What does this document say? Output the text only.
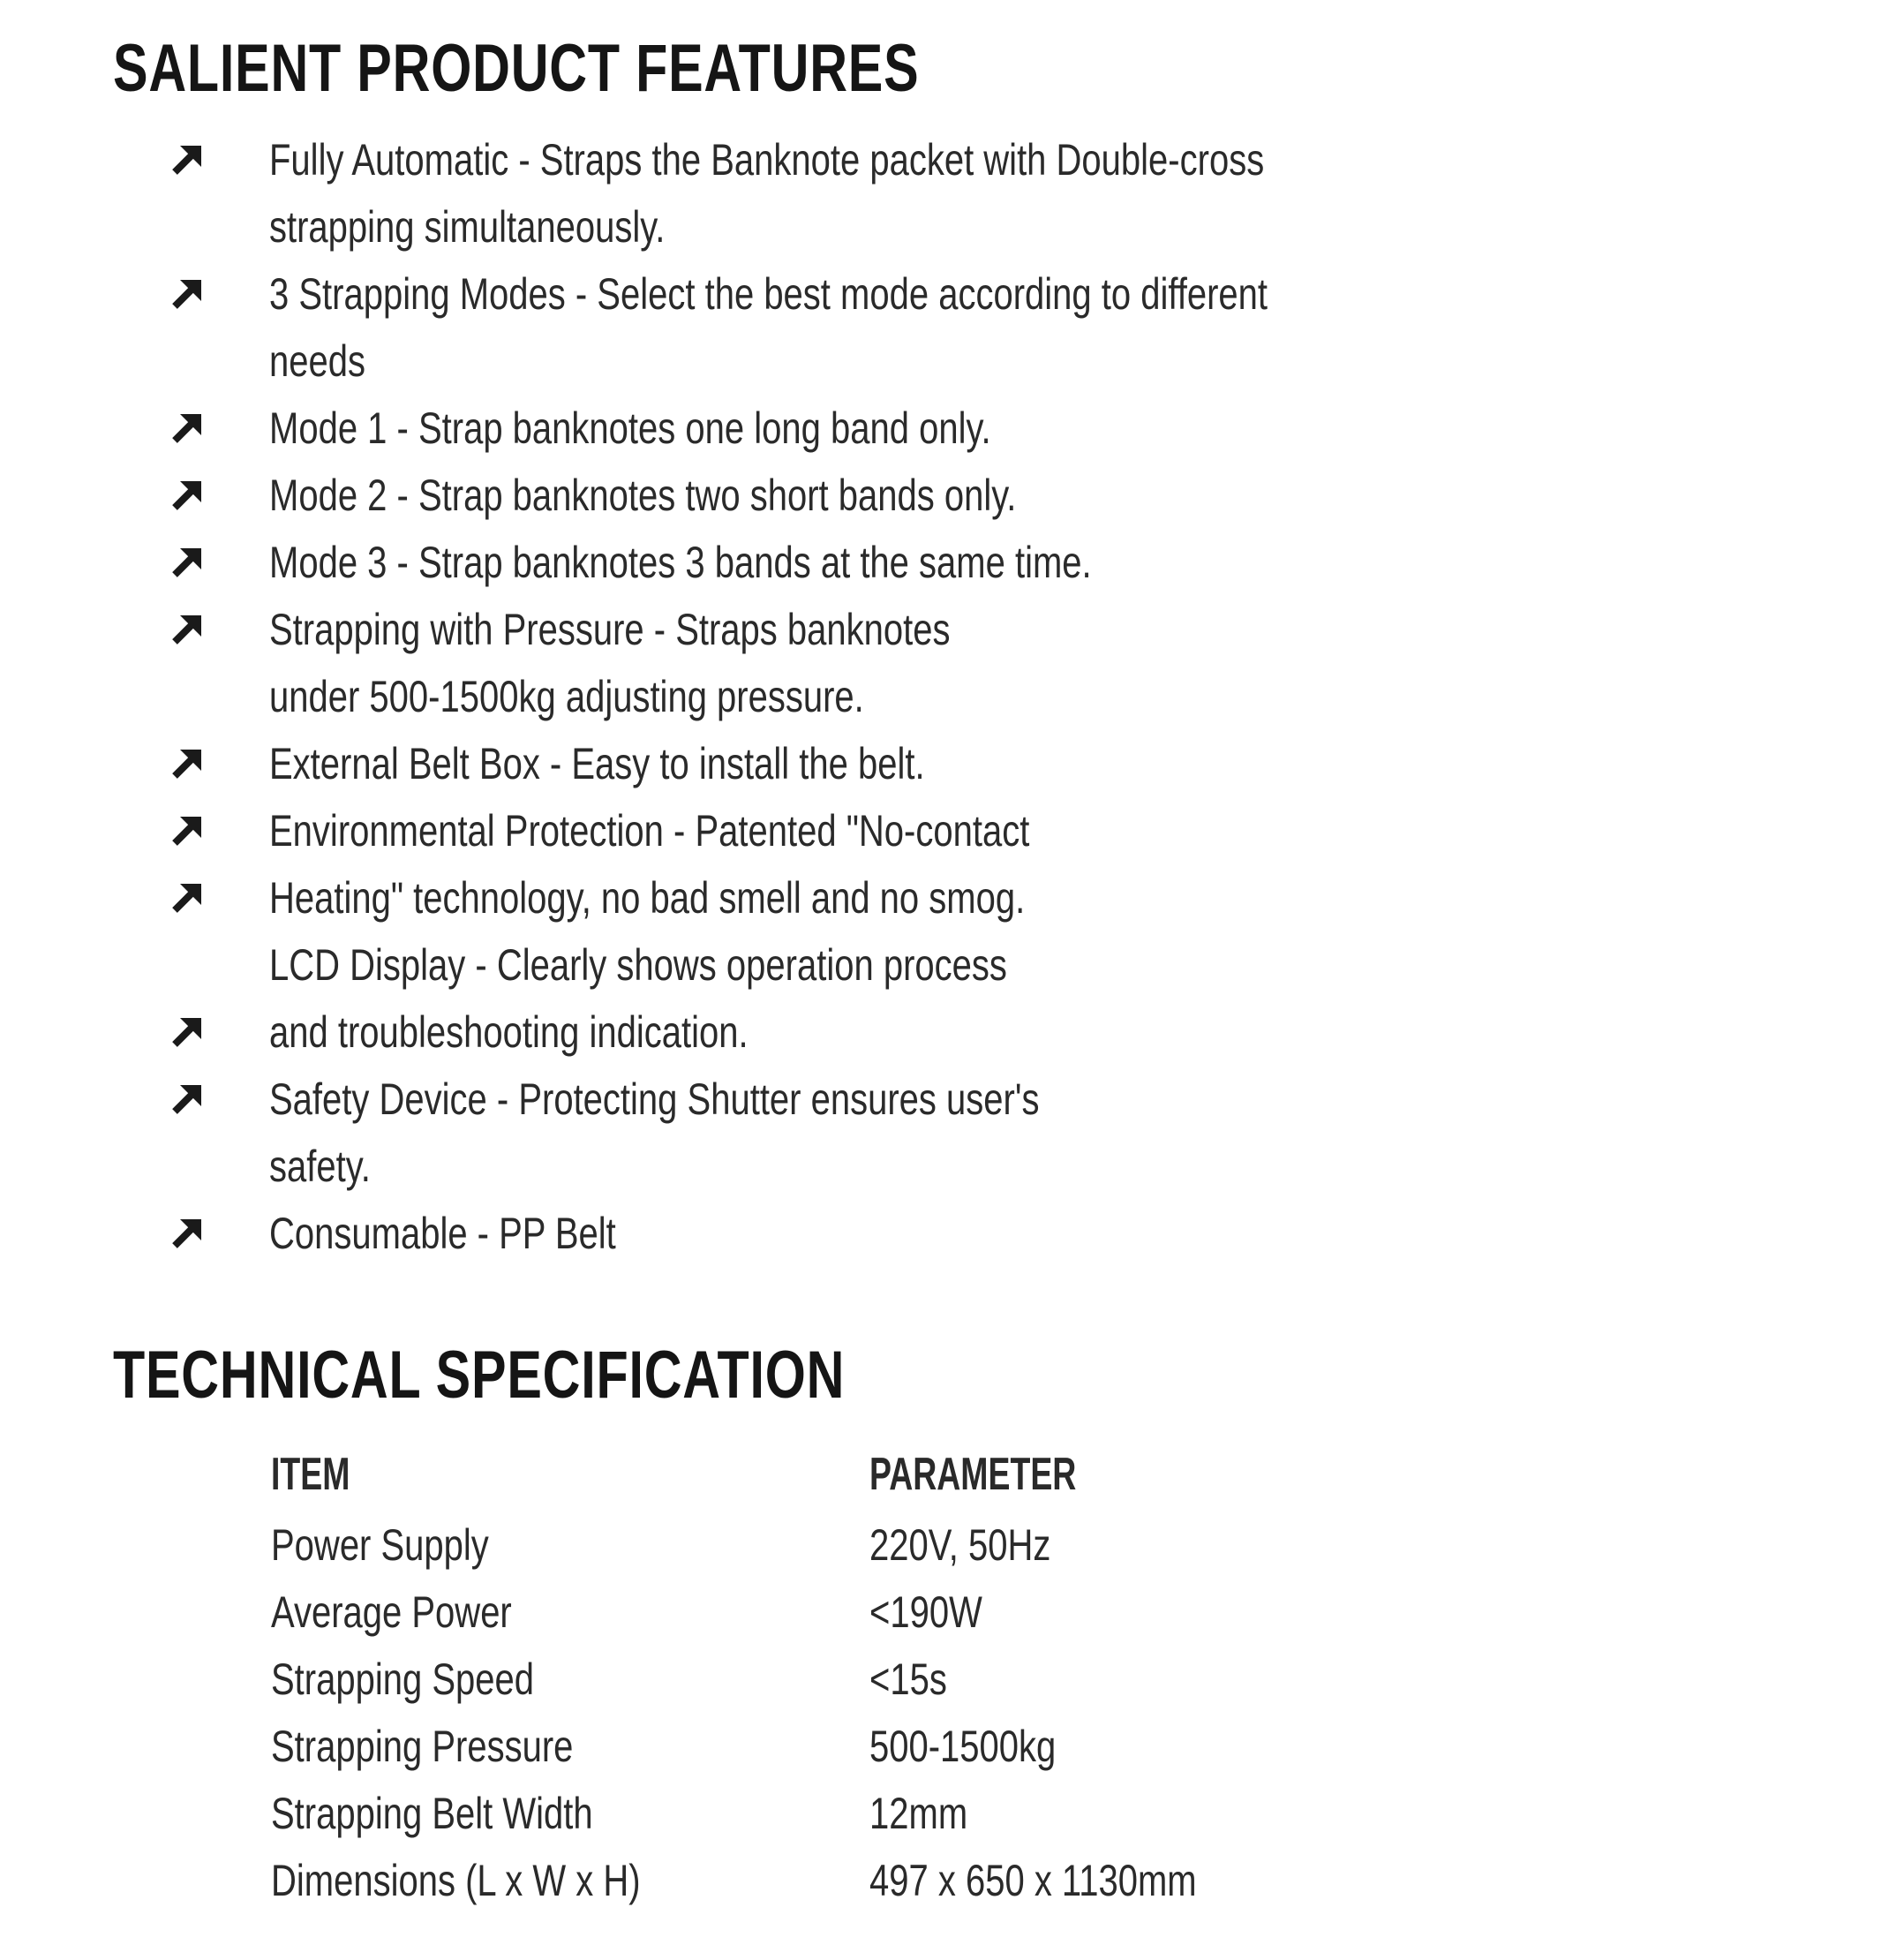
SALIENT PRODUCT FEATURES
Fully Automatic - Straps the Banknote packet with Double-cross
strapping simultaneously.
3 Strapping Modes - Select the best mode according to different
needs
Mode 1 - Strap banknotes one long band only.
Mode 2 - Strap banknotes two short bands only.
Mode 3 - Strap banknotes 3 bands at the same time.
Strapping with Pressure - Straps banknotes
under 500-1500kg adjusting pressure.
External Belt Box - Easy to install the belt.
Environmental Protection - Patented "No-contact
Heating" technology, no bad smell and no smog.
LCD Display - Clearly shows operation process
and troubleshooting indication.
Safety Device - Protecting Shutter ensures user's
safety.
Consumable - PP Belt
TECHNICAL SPECIFICATION
ITEM	PARAMETER
Power Supply	220V, 50Hz
Average Power	<190W
Strapping Speed	<15s
Strapping Pressure	500-1500kg
Strapping Belt Width	12mm
Dimensions (L x W x H)	497 x 650 x 1130mm
